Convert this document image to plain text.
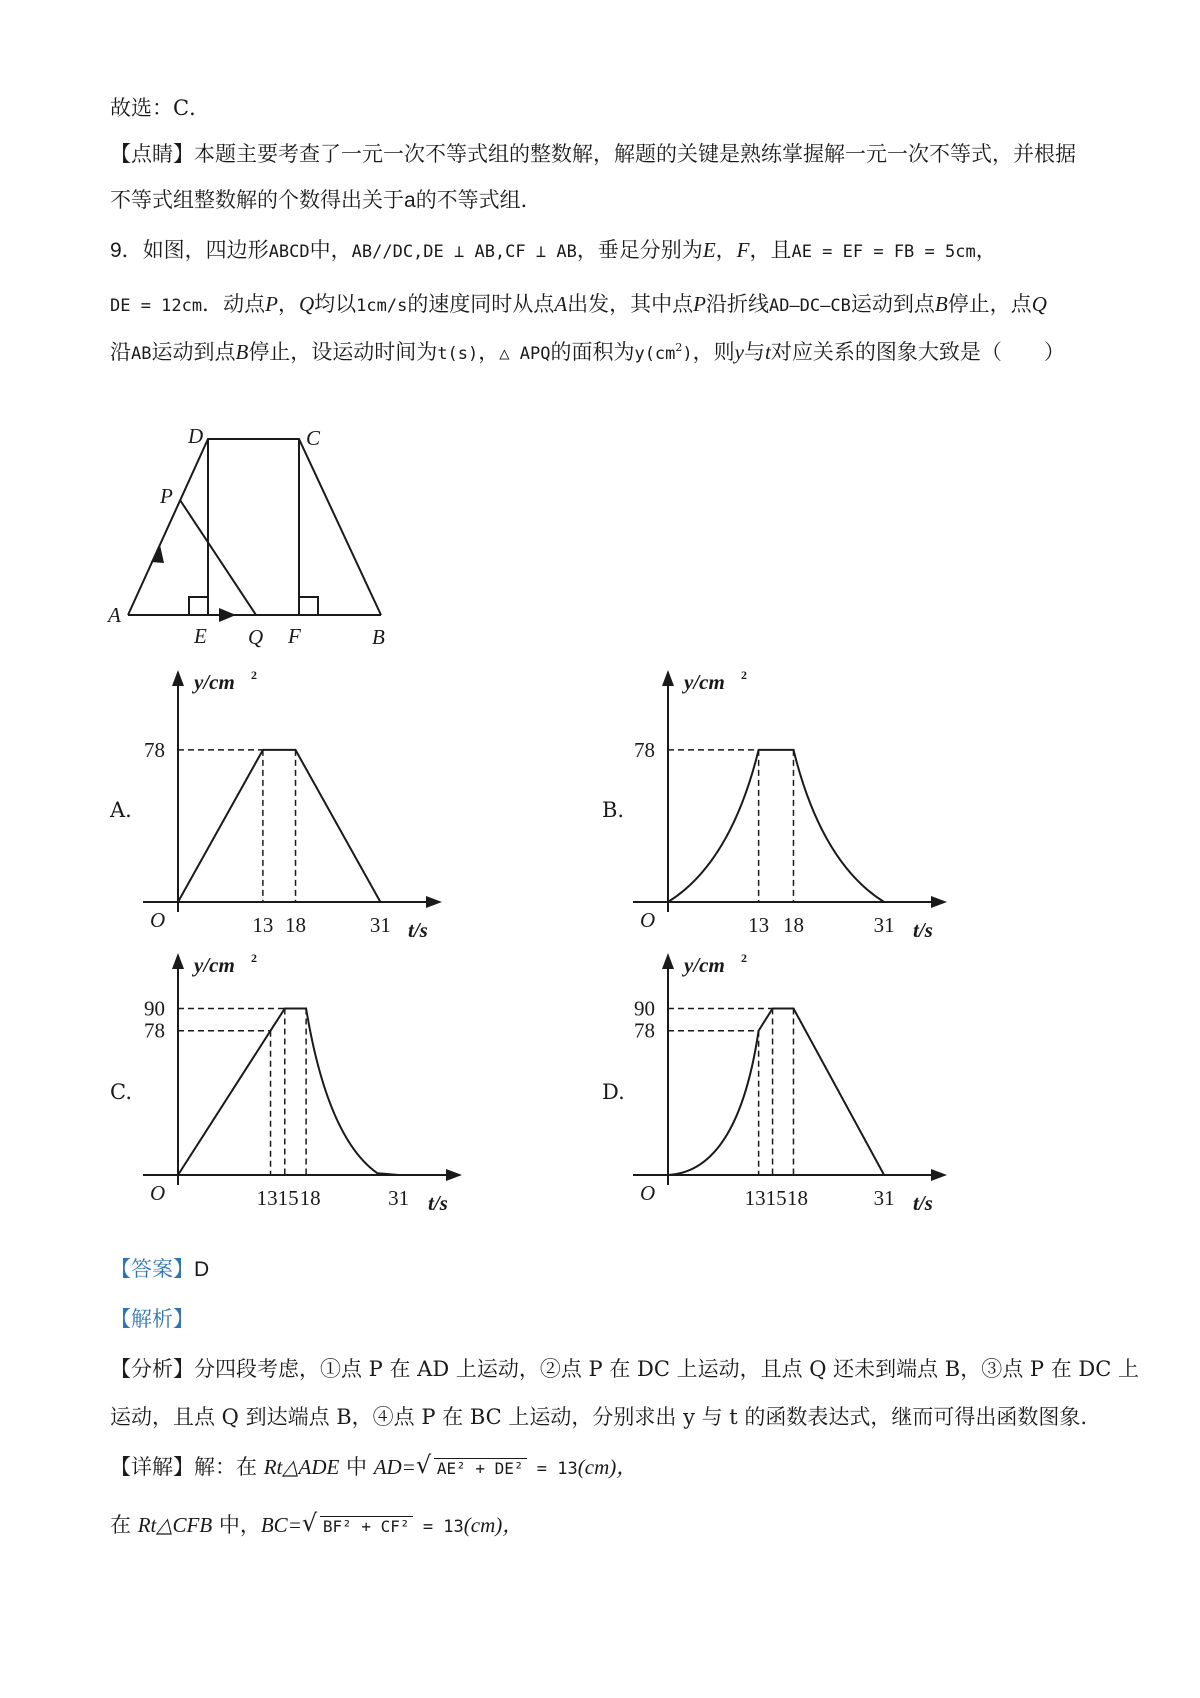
故选：C．
【点睛】本题主要考查了一元一次不等式组的整数解，解题的关键是熟练掌握解一元一次不等式，并根据
不等式组整数解的个数得出关于a的不等式组．
9．如图，四边形ABCD中，AB//DC,DE ⊥ AB,CF ⊥ AB，垂足分别为E，F，且AE = EF = FB = 5cm，
DE = 12cm．动点P，Q均以1cm/s的速度同时从点A出发，其中点P沿折线AD—DC—CB运动到点B停止，点Q
沿AB运动到点B停止，设运动时间为t(s)，△ APQ的面积为$y(cm^2)$，则y与t对应关系的图象大致是（　　）
A
B
C
D
E	F
P
Q
y/cm 2
t/s
O
78
13 18	31
y/cm 2
t/s
O
78
13 18	31
y/cm 2
t/s
O
78
90
1315 18	31
y/cm 2
t/s
O
78
90
1315 18	31
A.	B.
C.	D.
【答案】D
【解析】
【分析】分四段考虑，①点 P 在 AD 上运动，②点 P 在 DC 上运动，且点 Q 还未到端点 B，③点 P 在 DC 上
运动，且点 Q 到达端点 B，④点 P 在 BC 上运动，分别求出 y 与 t 的函数表达式，继而可得出函数图象.
【详解】解：在 Rt△ADE 中 AD= √ AE² + DE² = 13(cm)，
在 Rt△CFB 中，BC= √ BF² + CF² = 13(cm)，
